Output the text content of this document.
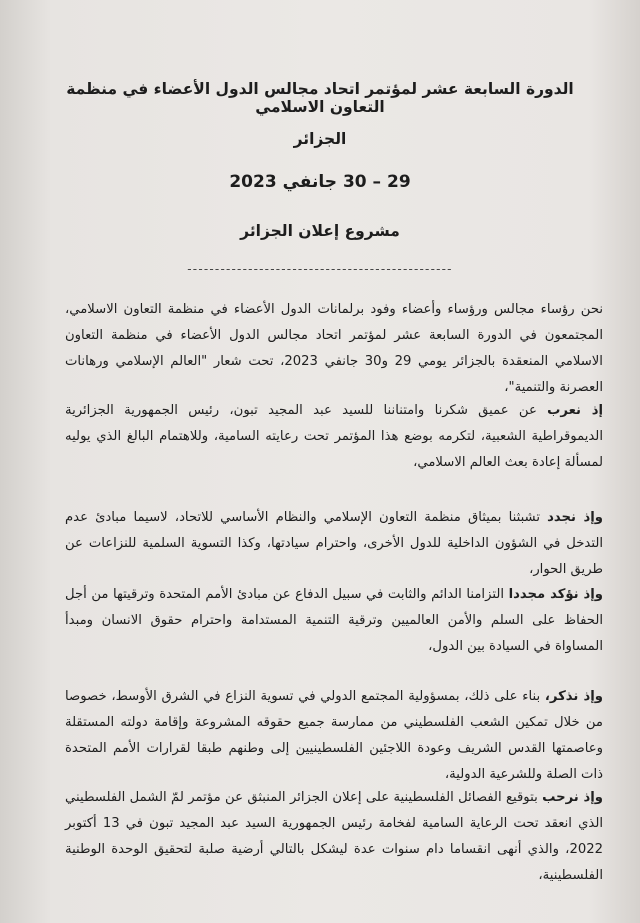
الدورة السابعة عشر لمؤتمر اتحاد مجالس الدول الأعضاء في منظمة التعاون الاسلامي
الجزائر
29 – 30 جانفي 2023
مشروع إعلان الجزائر
------------------------------------------------
نحن رؤساء مجالس ورؤساء وأعضاء وفود برلمانات الدول الأعضاء في منظمة التعاون الاسلامي، المجتمعون في الدورة السابعة عشر لمؤتمر اتحاد مجالس الدول الأعضاء في منظمة التعاون الاسلامي المنعقدة بالجزائر يومي 29 و30 جانفي 2023، تحت شعار "العالم الإسلامي ورهانات العصرنة والتنمية"،
إذ نعرب عن عميق شكرنا وامتناننا للسيد عبد المجيد تبون، رئيس الجمهورية الجزائرية الديموقراطية الشعبية، لتكرمه بوضع هذا المؤتمر تحت رعايته السامية، وللاهتمام البالغ الذي يوليه لمسألة إعادة بعث العالم الاسلامي،
وإذ نجدد تشبثنا بميثاق منظمة التعاون الإسلامي والنظام الأساسي للاتحاد، لاسيما مبادئ عدم التدخل في الشؤون الداخلية للدول الأخرى، واحترام سيادتها، وكذا التسوية السلمية للنزاعات عن طريق الحوار،
وإذ نؤكد مجددا التزامنا الدائم والثابت في سبيل الدفاع عن مبادئ الأمم المتحدة وترقيتها من أجل الحفاظ على السلم والأمن العالميين وترقية التنمية المستدامة واحترام حقوق الانسان ومبدأ المساواة في السيادة بين الدول،
وإذ نذكر، بناء على ذلك، بمسؤولية المجتمع الدولي في تسوية النزاع في الشرق الأوسط، خصوصا من خلال تمكين الشعب الفلسطيني من ممارسة جميع حقوقه المشروعة وإقامة دولته المستقلة وعاصمتها القدس الشريف وعودة اللاجئين الفلسطينيين إلى وطنهم طبقا لقرارات الأمم المتحدة ذات الصلة وللشرعية الدولية،
وإذ نرحب بتوقيع الفصائل الفلسطينية على إعلان الجزائر المنبثق عن مؤتمر لمّ الشمل الفلسطيني الذي انعقد تحت الرعاية السامية لفخامة رئيس الجمهورية السيد عبد المجيد تبون في 13 أكتوبر 2022، والذي أنهى انقساما دام سنوات عدة ليشكل بالتالي أرضية صلبة لتحقيق الوحدة الوطنية الفلسطينية،
